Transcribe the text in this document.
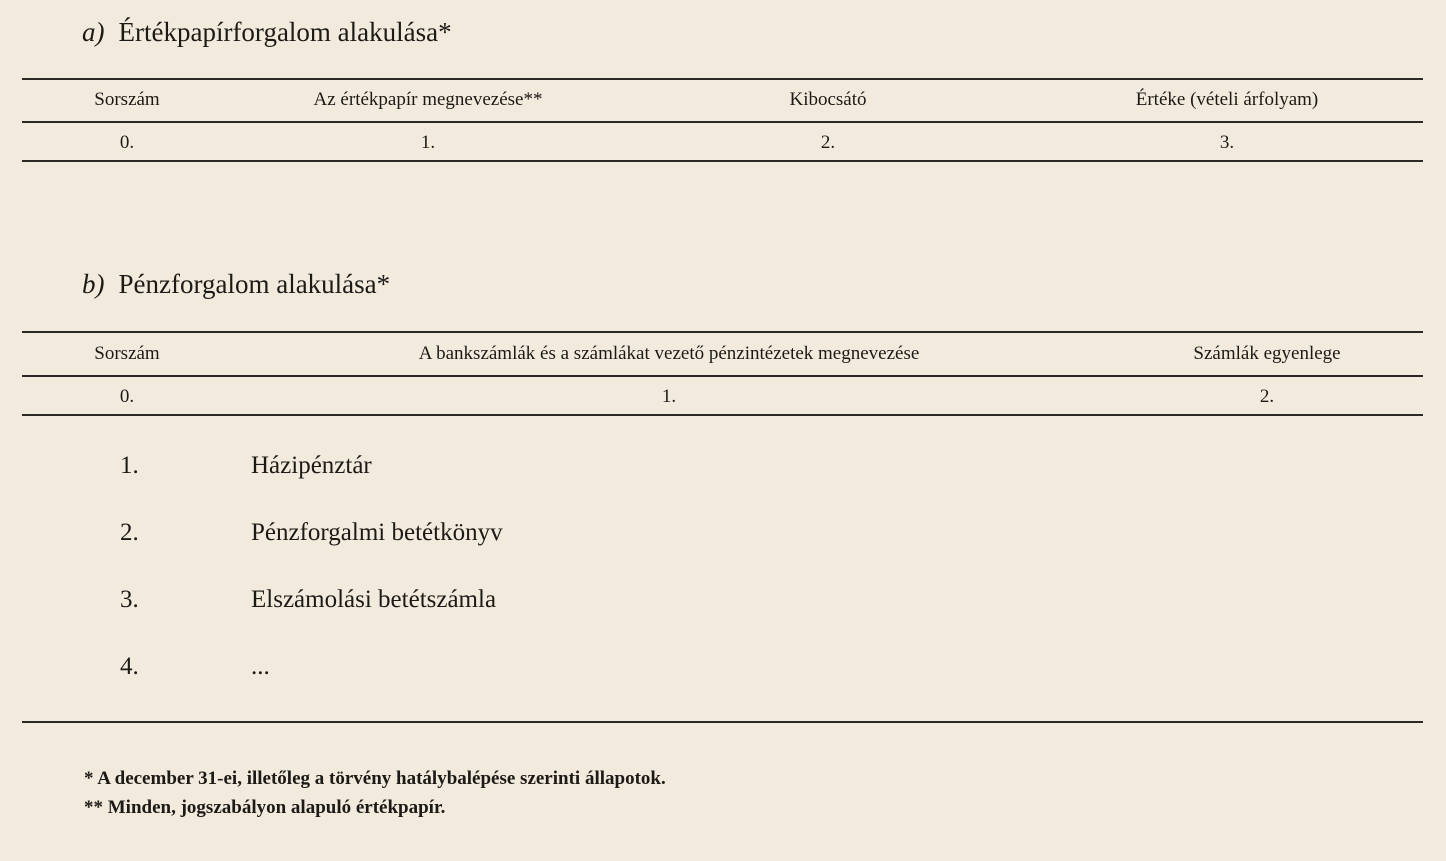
a) Értékpapírforgalom alakulása*
Sorszám	Az értékpapír megnevezése**	Kibocsátó	Értéke (vételi árfolyam)
0.	1.	2.	3.
b) Pénzforgalom alakulása*
Sorszám	A bankszámlák és a számlákat vezető pénzintézetek megnevezése	Számlák egyenlege
0.	1.	2.
1.	Házipénztár
2.	Pénzforgalmi betétkönyv
3.	Elszámolási betétszámla
4.	...
* A december 31-ei, illetőleg a törvény hatálybalépése szerinti állapotok.
** Minden, jogszabályon alapuló értékpapír.
